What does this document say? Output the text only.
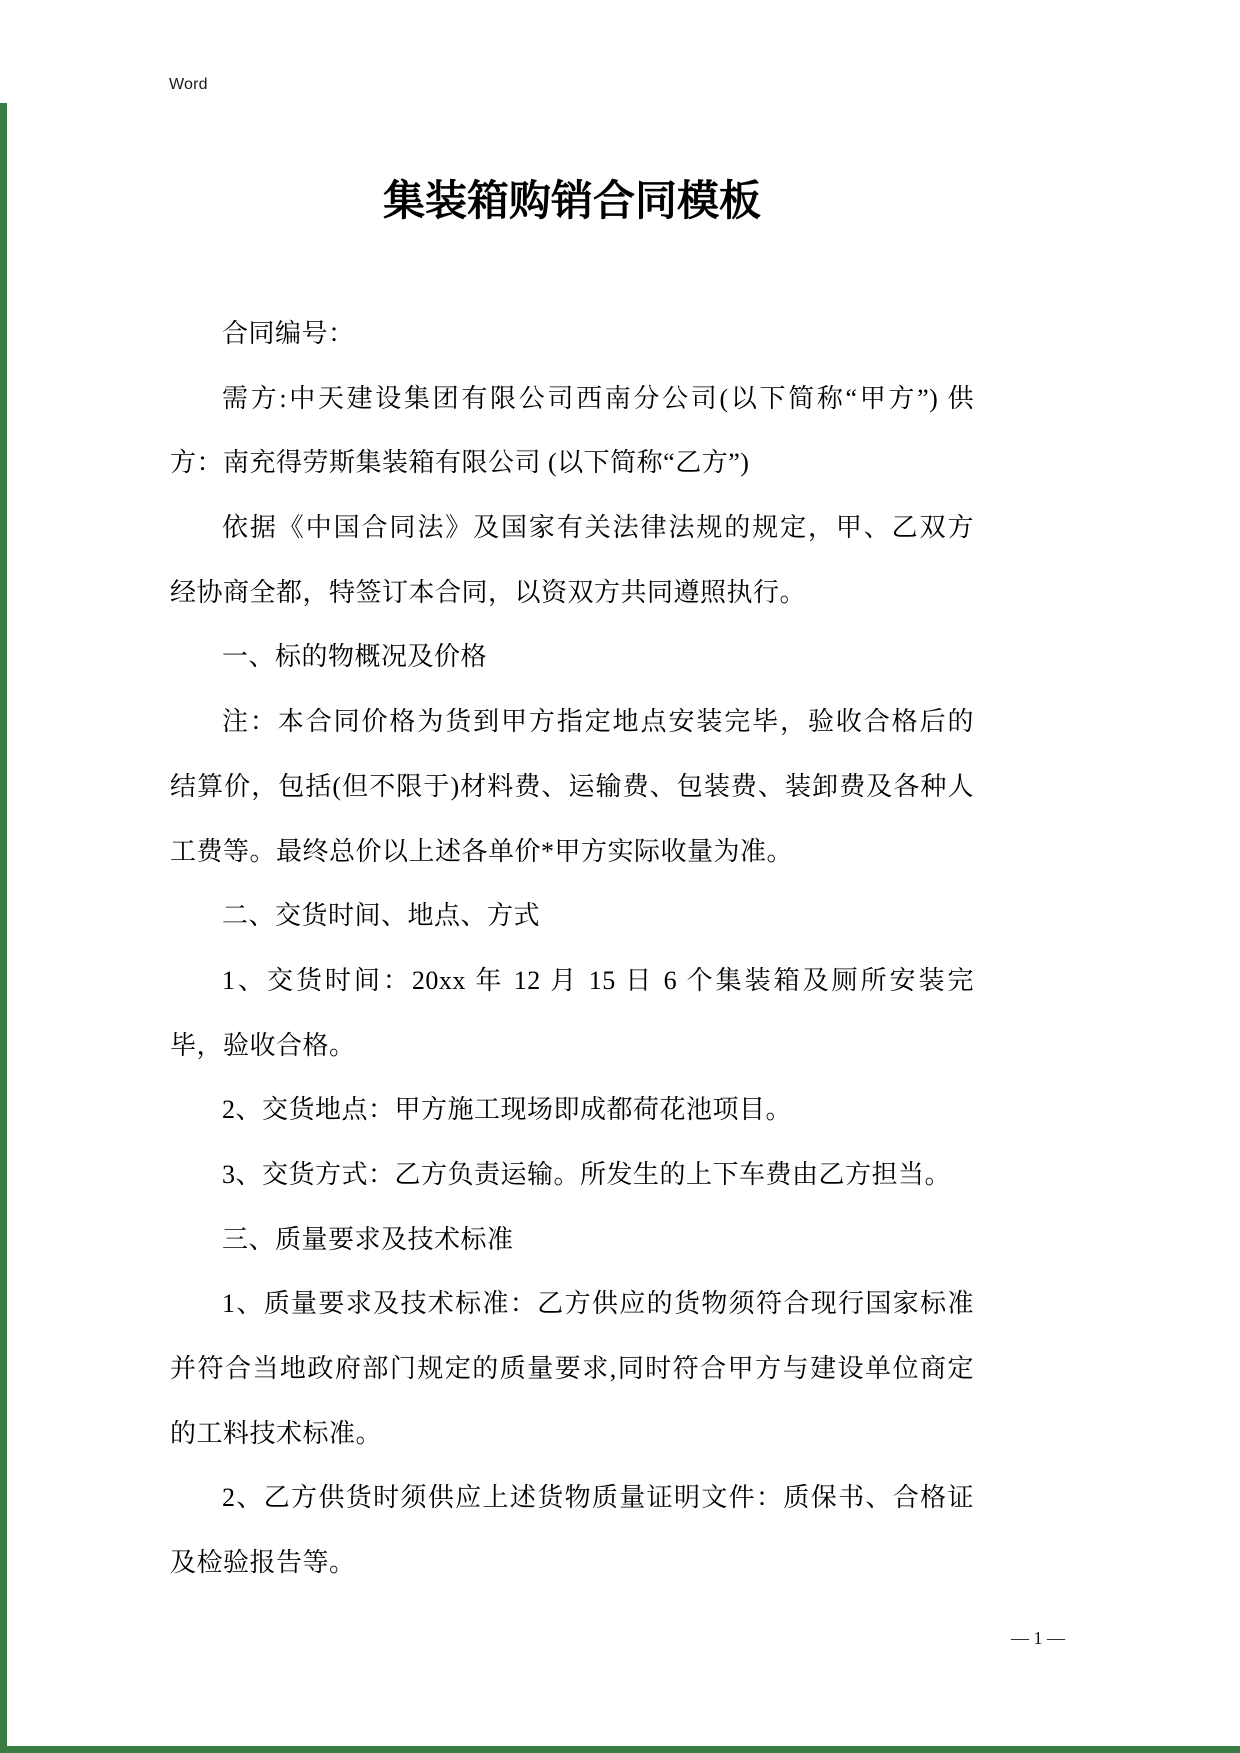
Word
集装箱购销合同模板
合同编号：
需方:中天建设集团有限公司西南分公司(以下简称“甲方”) 供
方：南充得劳斯集装箱有限公司 (以下简称“乙方”)
依据《中国合同法》及国家有关法律法规的规定，甲、乙双方
经协商全都，特签订本合同，以资双方共同遵照执行。
一、标的物概况及价格
注：本合同价格为货到甲方指定地点安装完毕，验收合格后的
结算价，包括(但不限于)材料费、运输费、包装费、装卸费及各种人
工费等。最终总价以上述各单价*甲方实际收量为准。
二、交货时间、地点、方式
1、交货时间：20xx 年 12 月 15 日 6 个集装箱及厕所安装完
毕，验收合格。
2、交货地点：甲方施工现场即成都荷花池项目。
3、交货方式：乙方负责运输。所发生的上下车费由乙方担当。
三、质量要求及技术标准
1、质量要求及技术标准：乙方供应的货物须符合现行国家标准
并符合当地政府部门规定的质量要求,同时符合甲方与建设单位商定
的工料技术标准。
2、乙方供货时须供应上述货物质量证明文件：质保书、合格证
及检验报告等。
— 1 —
